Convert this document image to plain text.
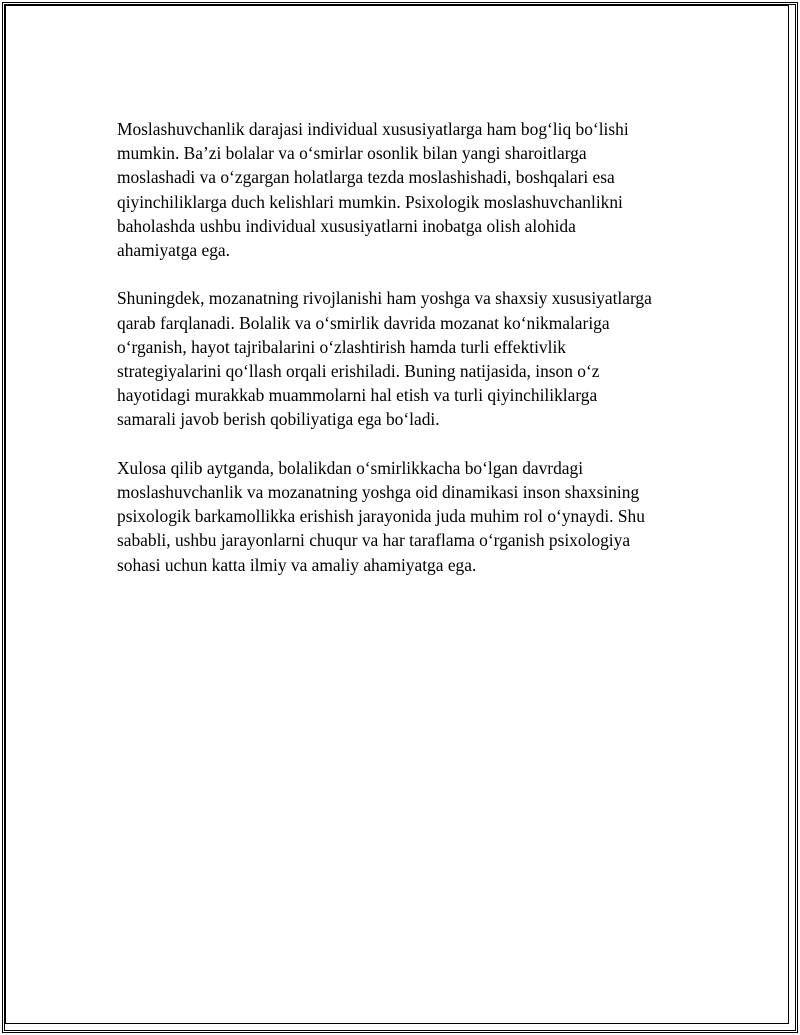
Moslashuvchanlik darajasi individual xususiyatlarga ham bog‘liq bo‘lishi
mumkin. Ba’zi bolalar va o‘smirlar osonlik bilan yangi sharoitlarga
moslashadi va o‘zgargan holatlarga tezda moslashishadi, boshqalari esa
qiyinchiliklarga duch kelishlari mumkin. Psixologik moslashuvchanlikni
baholashda ushbu individual xususiyatlarni inobatga olish alohida
ahamiyatga ega.

Shuningdek, mozanatning rivojlanishi ham yoshga va shaxsiy xususiyatlarga
qarab farqlanadi. Bolalik va o‘smirlik davrida mozanat ko‘nikmalariga
o‘rganish, hayot tajribalarini o‘zlashtirish hamda turli effektivlik
strategiyalarini qo‘llash orqali erishiladi. Buning natijasida, inson o‘z
hayotidagi murakkab muammolarni hal etish va turli qiyinchiliklarga
samarali javob berish qobiliyatiga ega bo‘ladi.

Xulosa qilib aytganda, bolalikdan o‘smirlikkacha bo‘lgan davrdagi
moslashuvchanlik va mozanatning yoshga oid dinamikasi inson shaxsining
psixologik barkamollikka erishish jarayonida juda muhim rol o‘ynaydi. Shu
sababli, ushbu jarayonlarni chuqur va har taraflama o‘rganish psixologiya
sohasi uchun katta ilmiy va amaliy ahamiyatga ega.
